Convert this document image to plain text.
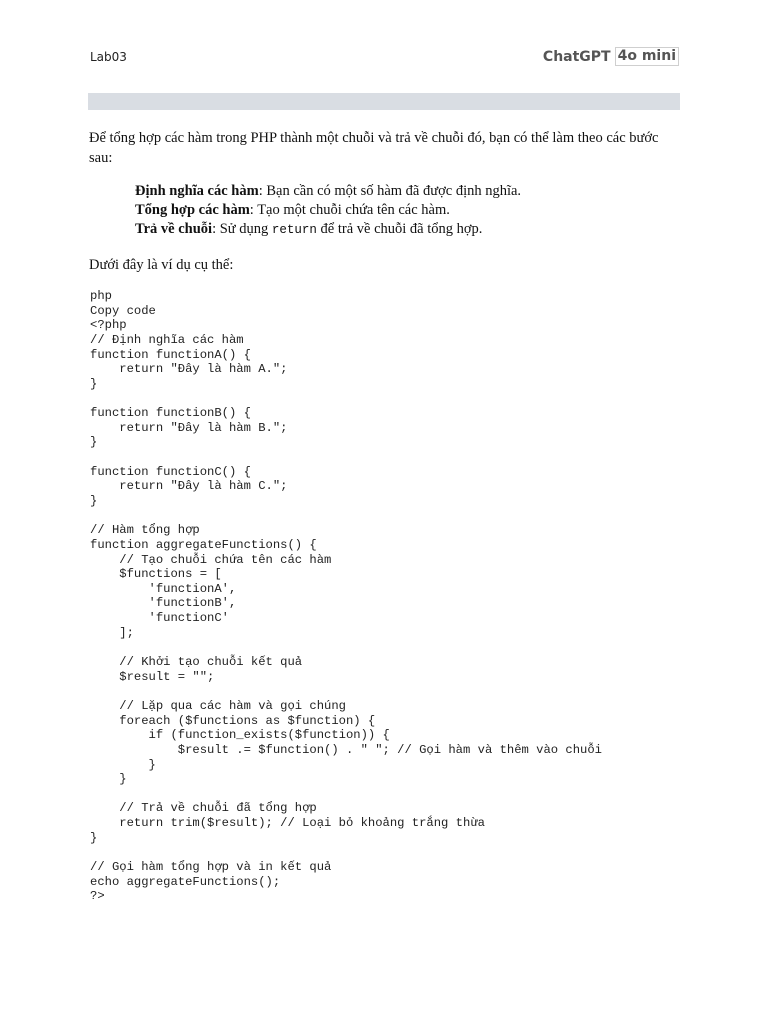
Lab03	ChatGPT 4o mini
Để tổng hợp các hàm trong PHP thành một chuỗi và trả về chuỗi đó, bạn có thể làm theo các bước sau:
Định nghĩa các hàm: Bạn cần có một số hàm đã được định nghĩa.
Tổng hợp các hàm: Tạo một chuỗi chứa tên các hàm.
Trả về chuỗi: Sử dụng return để trả về chuỗi đã tổng hợp.
Dưới đây là ví dụ cụ thể:
php
Copy code
<?php
// Định nghĩa các hàm
function functionA() {
return "Đây là hàm A.";
}

function functionB() {
return "Đây là hàm B.";
}

function functionC() {
return "Đây là hàm C.";
}

// Hàm tổng hợp
function aggregateFunctions() {
// Tạo chuỗi chứa tên các hàm
$functions = [
'functionA',
'functionB',
'functionC'
];

// Khởi tạo chuỗi kết quả
$result = "";

// Lặp qua các hàm và gọi chúng
foreach ($functions as $function) {
if (function_exists($function)) {
$result .= $function() . " "; // Gọi hàm và thêm vào chuỗi
}
}

// Trả về chuỗi đã tổng hợp
return trim($result); // Loại bỏ khoảng trắng thừa
}

// Gọi hàm tổng hợp và in kết quả
echo aggregateFunctions();
?>
